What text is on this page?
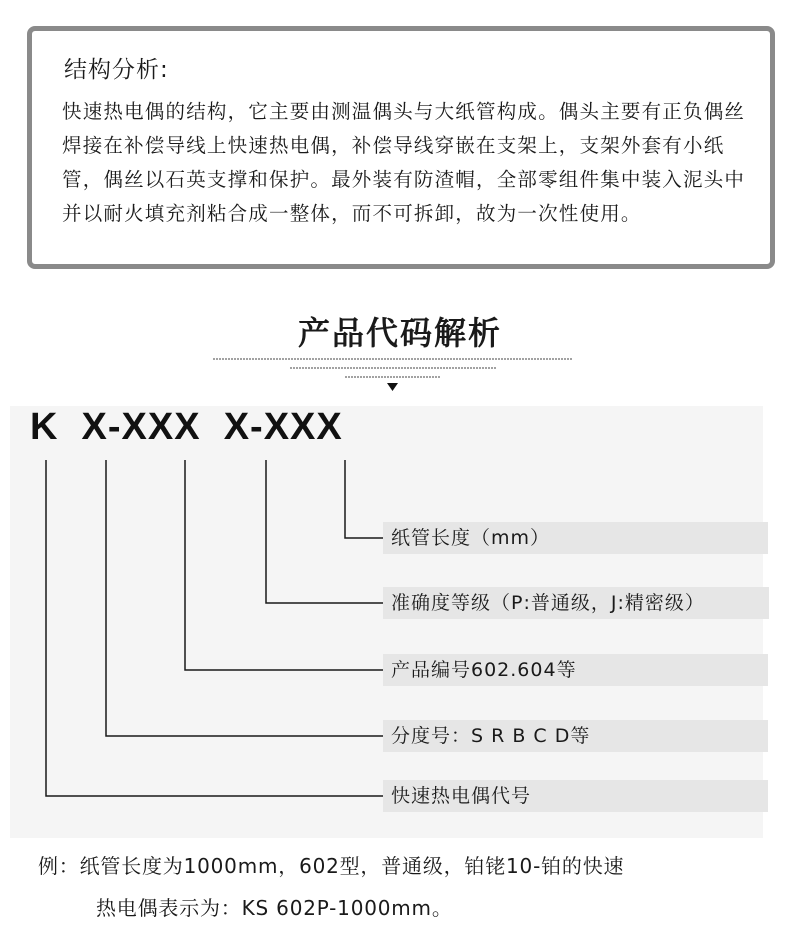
结构分析:

快速热电偶的结构，它主要由测温偶头与大纸管构成。偶头主要有正负偶丝焊接在补偿导线上快速热电偶，补偿导线穿嵌在支架上，支架外套有小纸管，偶丝以石英支撑和保护。最外装有防渣帽，全部零组件集中装入泥头中并以耐火填充剂粘合成一整体，而不可拆卸，故为一次性使用。

产品代码解析
K  X-XXX  X-XXX
纸管长度（mm）
准确度等级（P:普通级，J:精密级）
产品编号602.604等
分度号：S R B C D等
快速热电偶代号

例：纸管长度为1000mm，602型，普通级，铂铑10-铂的快速
热电偶表示为：KS 602P-1000mm。
